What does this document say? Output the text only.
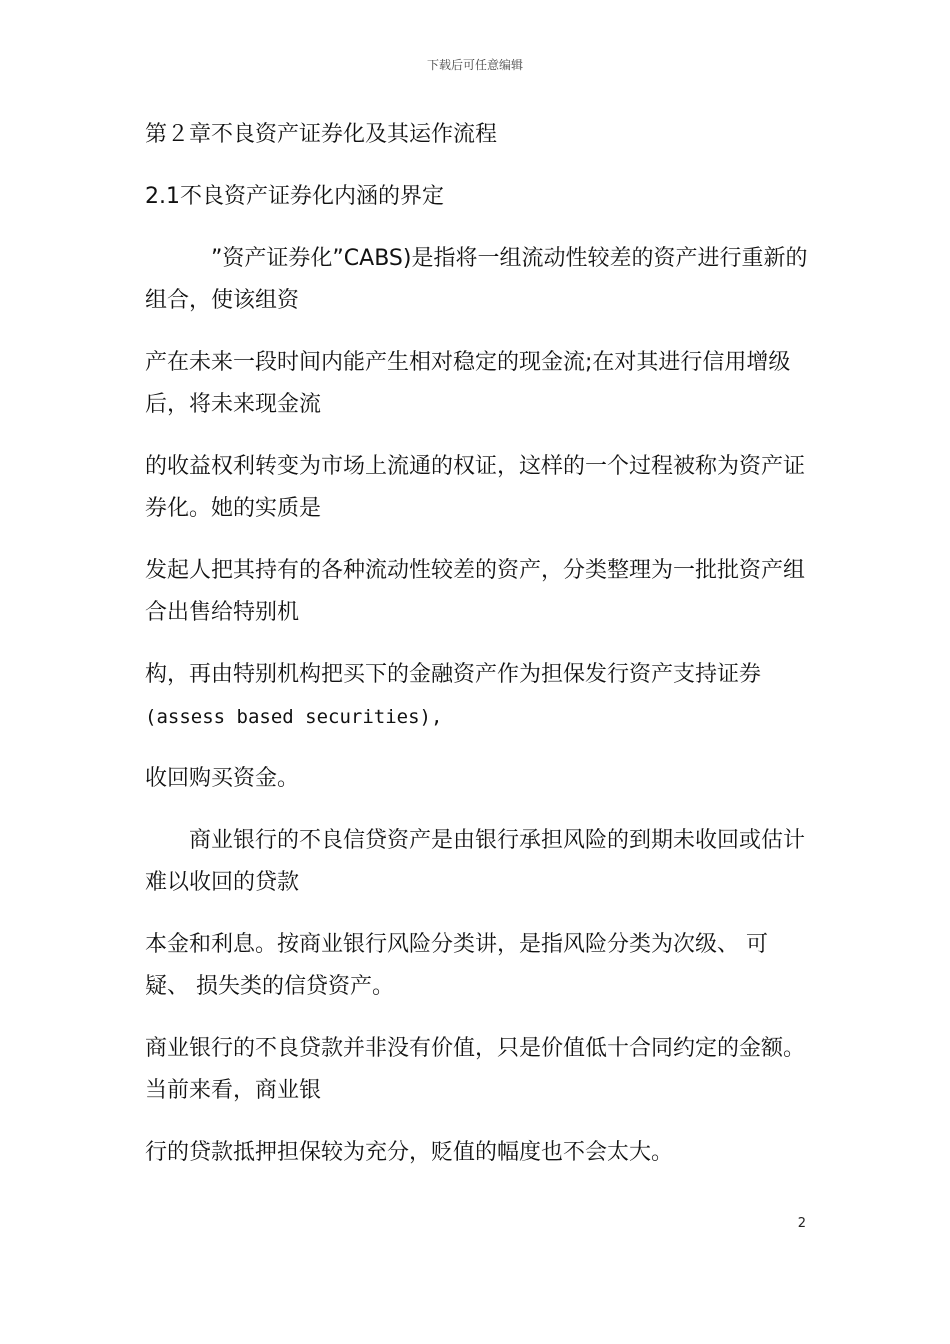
下载后可任意编辑

第２章不良资产证券化及其运作流程

2.1不良资产证券化内涵的界定

”资产证券化”CABS)是指将一组流动性较差的资产进行重新的组合，使该组资

产在未来一段时间内能产生相对稳定的现金流;在对其进行信用增级后，将未来现金流

的收益权利转变为市场上流通的权证，这样的一个过程被称为资产证券化。她的实质是

发起人把其持有的各种流动性较差的资产，分类整理为一批批资产组合出售给特别机

构，再由特别机构把买下的金融资产作为担保发行资产支持证券
(assess based securities),

收回购买资金。

商业银行的不良信贷资产是由银行承担风险的到期未收回或估计难以收回的贷款

本金和利息。按商业银行风险分类讲，是指风险分类为次级、 可疑、 损失类的信贷资产。

商业银行的不良贷款并非没有价值，只是价值低十合同约定的金额。当前来看，商业银

行的贷款抵押担保较为充分，贬值的幅度也不会太大。

2
